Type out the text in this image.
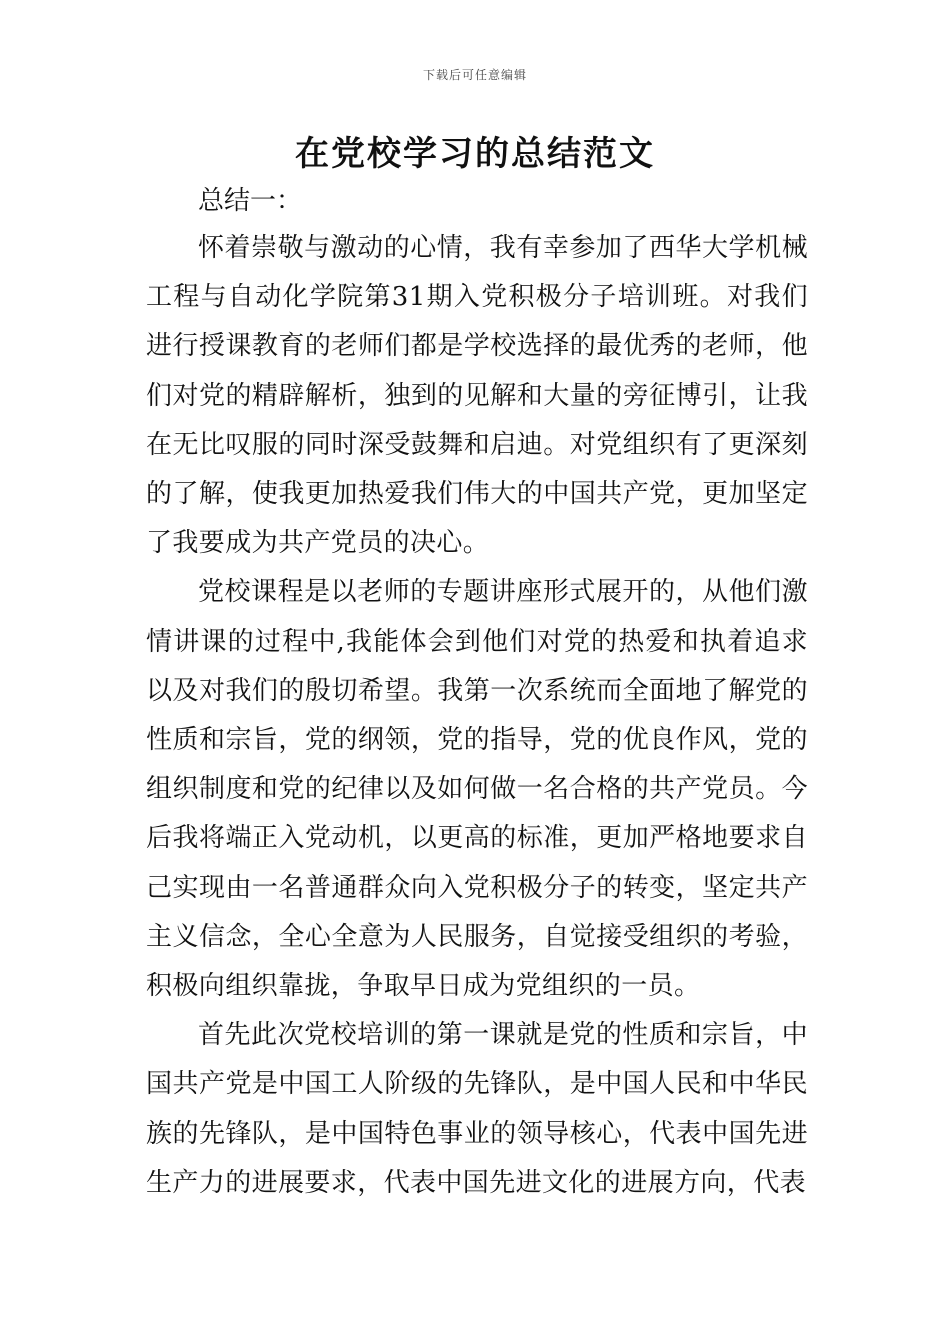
下载后可任意编辑
在党校学习的总结范文

总结一：

怀着崇敬与激动的心情，我有幸参加了西华大学机械工程与自动化学院第31期入党积极分子培训班。对我们进行授课教育的老师们都是学校选择的最优秀的老师，他们对党的精辟解析，独到的见解和大量的旁征博引，让我在无比叹服的同时深受鼓舞和启迪。对党组织有了更深刻的了解，使我更加热爱我们伟大的中国共产党，更加坚定了我要成为共产党员的决心。

党校课程是以老师的专题讲座形式展开的，从他们激情讲课的过程中,我能体会到他们对党的热爱和执着追求以及对我们的殷切希望。我第一次系统而全面地了解党的性质和宗旨，党的纲领，党的指导，党的优良作风，党的组织制度和党的纪律以及如何做一名合格的共产党员。今后我将端正入党动机，以更高的标准，更加严格地要求自己实现由一名普通群众向入党积极分子的转变，坚定共产主义信念，全心全意为人民服务，自觉接受组织的考验，积极向组织靠拢，争取早日成为党组织的一员。

首先此次党校培训的第一课就是党的性质和宗旨，中国共产党是中国工人阶级的先锋队，是中国人民和中华民族的先锋队，是中国特色事业的领导核心，代表中国先进生产力的进展要求，代表中国先进文化的进展方向，代表
